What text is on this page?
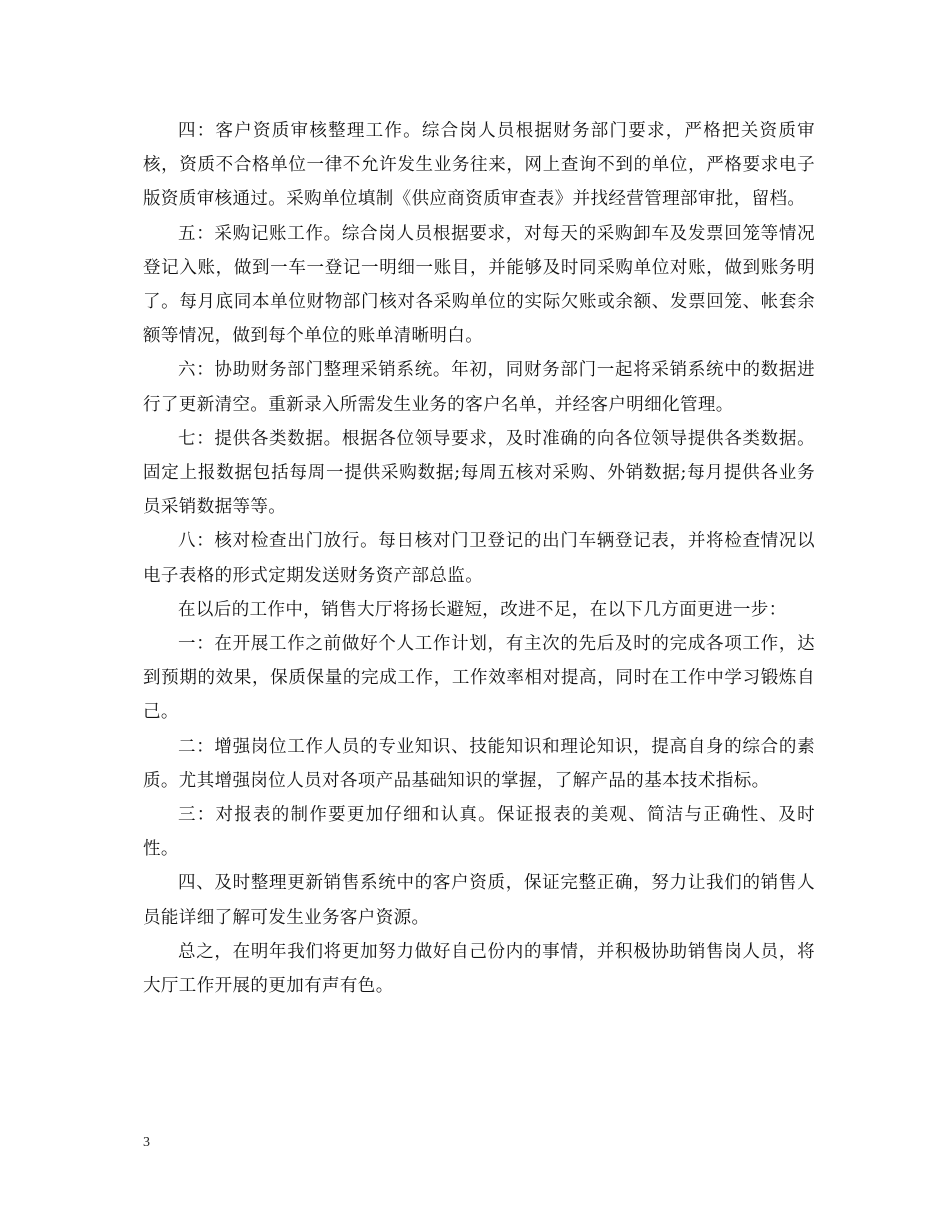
四：客户资质审核整理工作。综合岗人员根据财务部门要求，严格把关资质审核，资质不合格单位一律不允许发生业务往来，网上查询不到的单位，严格要求电子版资质审核通过。采购单位填制《供应商资质审查表》并找经营管理部审批，留档。

五：采购记账工作。综合岗人员根据要求，对每天的采购卸车及发票回笼等情况登记入账，做到一车一登记一明细一账目，并能够及时同采购单位对账，做到账务明了。每月底同本单位财物部门核对各采购单位的实际欠账或余额、发票回笼、帐套余额等情况，做到每个单位的账单清晰明白。

六：协助财务部门整理采销系统。年初，同财务部门一起将采销系统中的数据进行了更新清空。重新录入所需发生业务的客户名单，并经客户明细化管理。

七：提供各类数据。根据各位领导要求，及时准确的向各位领导提供各类数据。固定上报数据包括每周一提供采购数据;每周五核对采购、外销数据;每月提供各业务员采销数据等等。

八：核对检查出门放行。每日核对门卫登记的出门车辆登记表，并将检查情况以电子表格的形式定期发送财务资产部总监。

在以后的工作中，销售大厅将扬长避短，改进不足，在以下几方面更进一步：

一：在开展工作之前做好个人工作计划，有主次的先后及时的完成各项工作，达到预期的效果，保质保量的完成工作，工作效率相对提高，同时在工作中学习锻炼自己。

二：增强岗位工作人员的专业知识、技能知识和理论知识，提高自身的综合的素质。尤其增强岗位人员对各项产品基础知识的掌握，了解产品的基本技术指标。

三：对报表的制作要更加仔细和认真。保证报表的美观、简洁与正确性、及时性。

四、及时整理更新销售系统中的客户资质，保证完整正确，努力让我们的销售人员能详细了解可发生业务客户资源。

总之，在明年我们将更加努力做好自己份内的事情，并积极协助销售岗人员，将大厅工作开展的更加有声有色。

3
